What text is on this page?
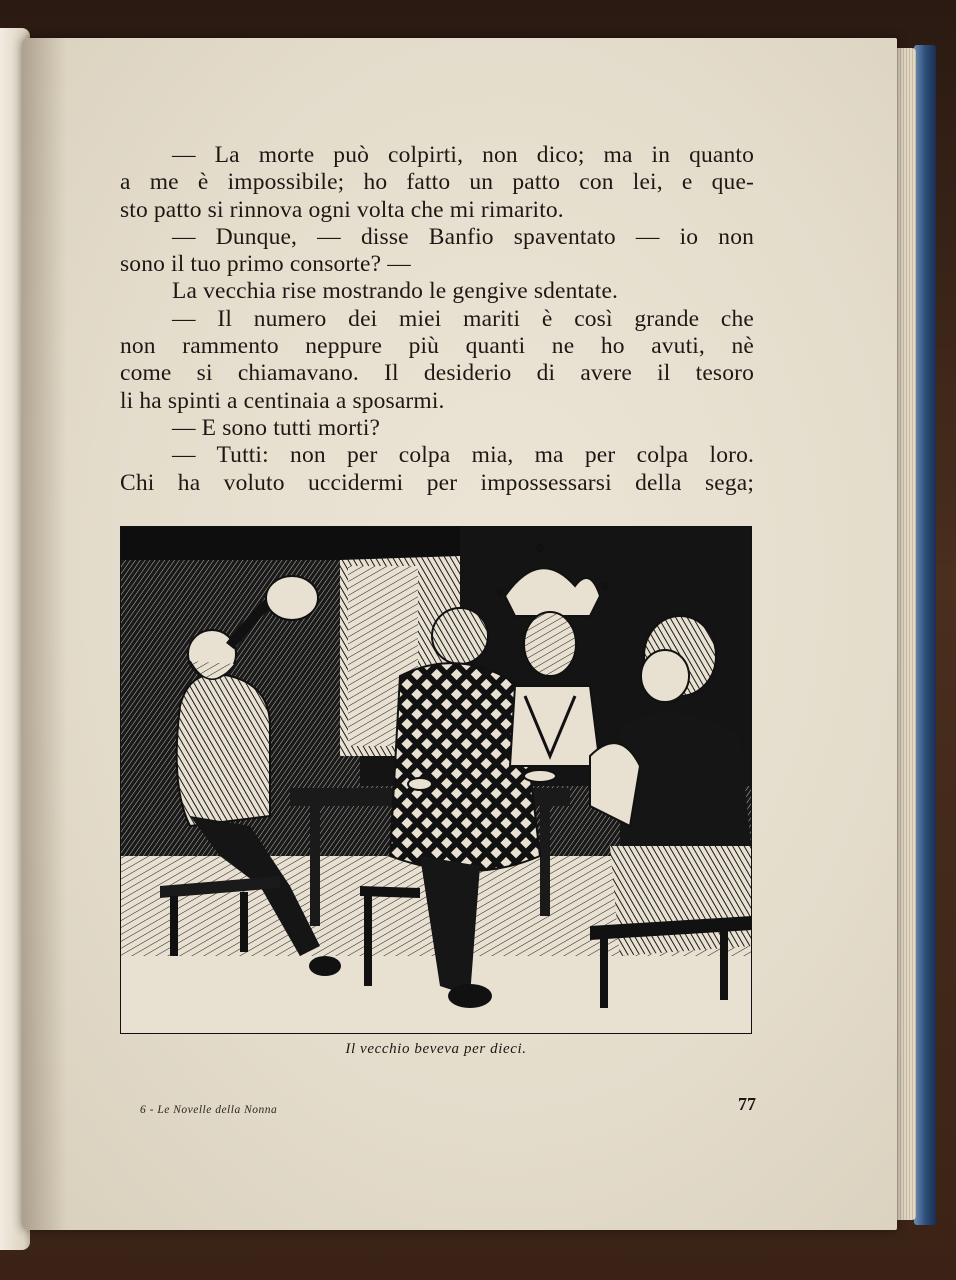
— La morte può colpirti, non dico; ma in quanto
a me è impossibile; ho fatto un patto con lei, e que-
sto patto si rinnova ogni volta che mi rimarito.
— Dunque, — disse Banfio spaventato — io non
sono il tuo primo consorte? —
La vecchia rise mostrando le gengive sdentate.
— Il numero dei miei mariti è così grande che
non rammento neppure più quanti ne ho avuti, nè
come si chiamavano. Il desiderio di avere il tesoro
li ha spinti a centinaia a sposarmi.
— E sono tutti morti?
— Tutti: non per colpa mia, ma per colpa loro.
Chi ha voluto uccidermi per impossessarsi della sega;
Il vecchio beveva per dieci.
6 - Le Novelle della Nonna	77
